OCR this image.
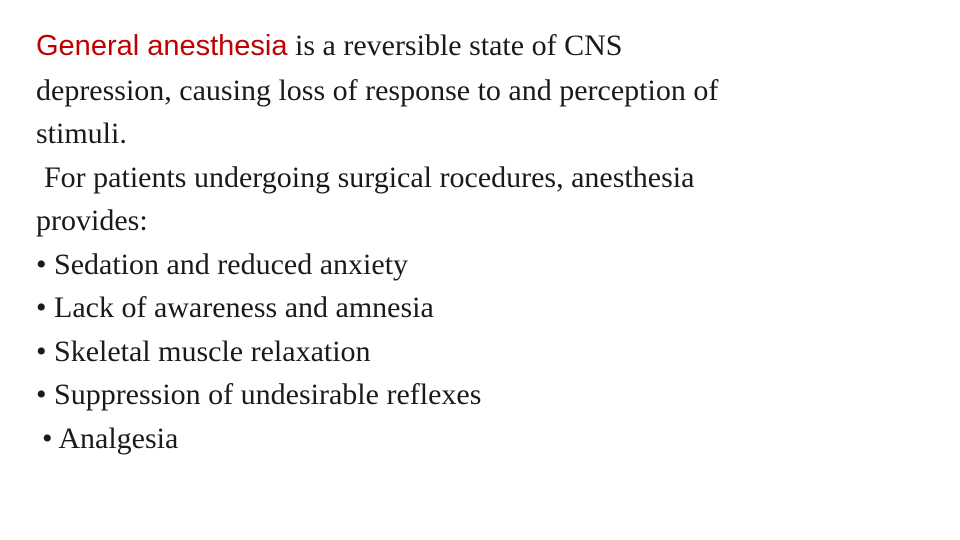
General anesthesia is a reversible state of CNS
depression, causing loss of response to and perception of
stimuli.
For patients undergoing surgical rocedures, anesthesia
provides:
• Sedation and reduced anxiety
• Lack of awareness and amnesia
• Skeletal muscle relaxation
• Suppression of undesirable reflexes
• Analgesia
